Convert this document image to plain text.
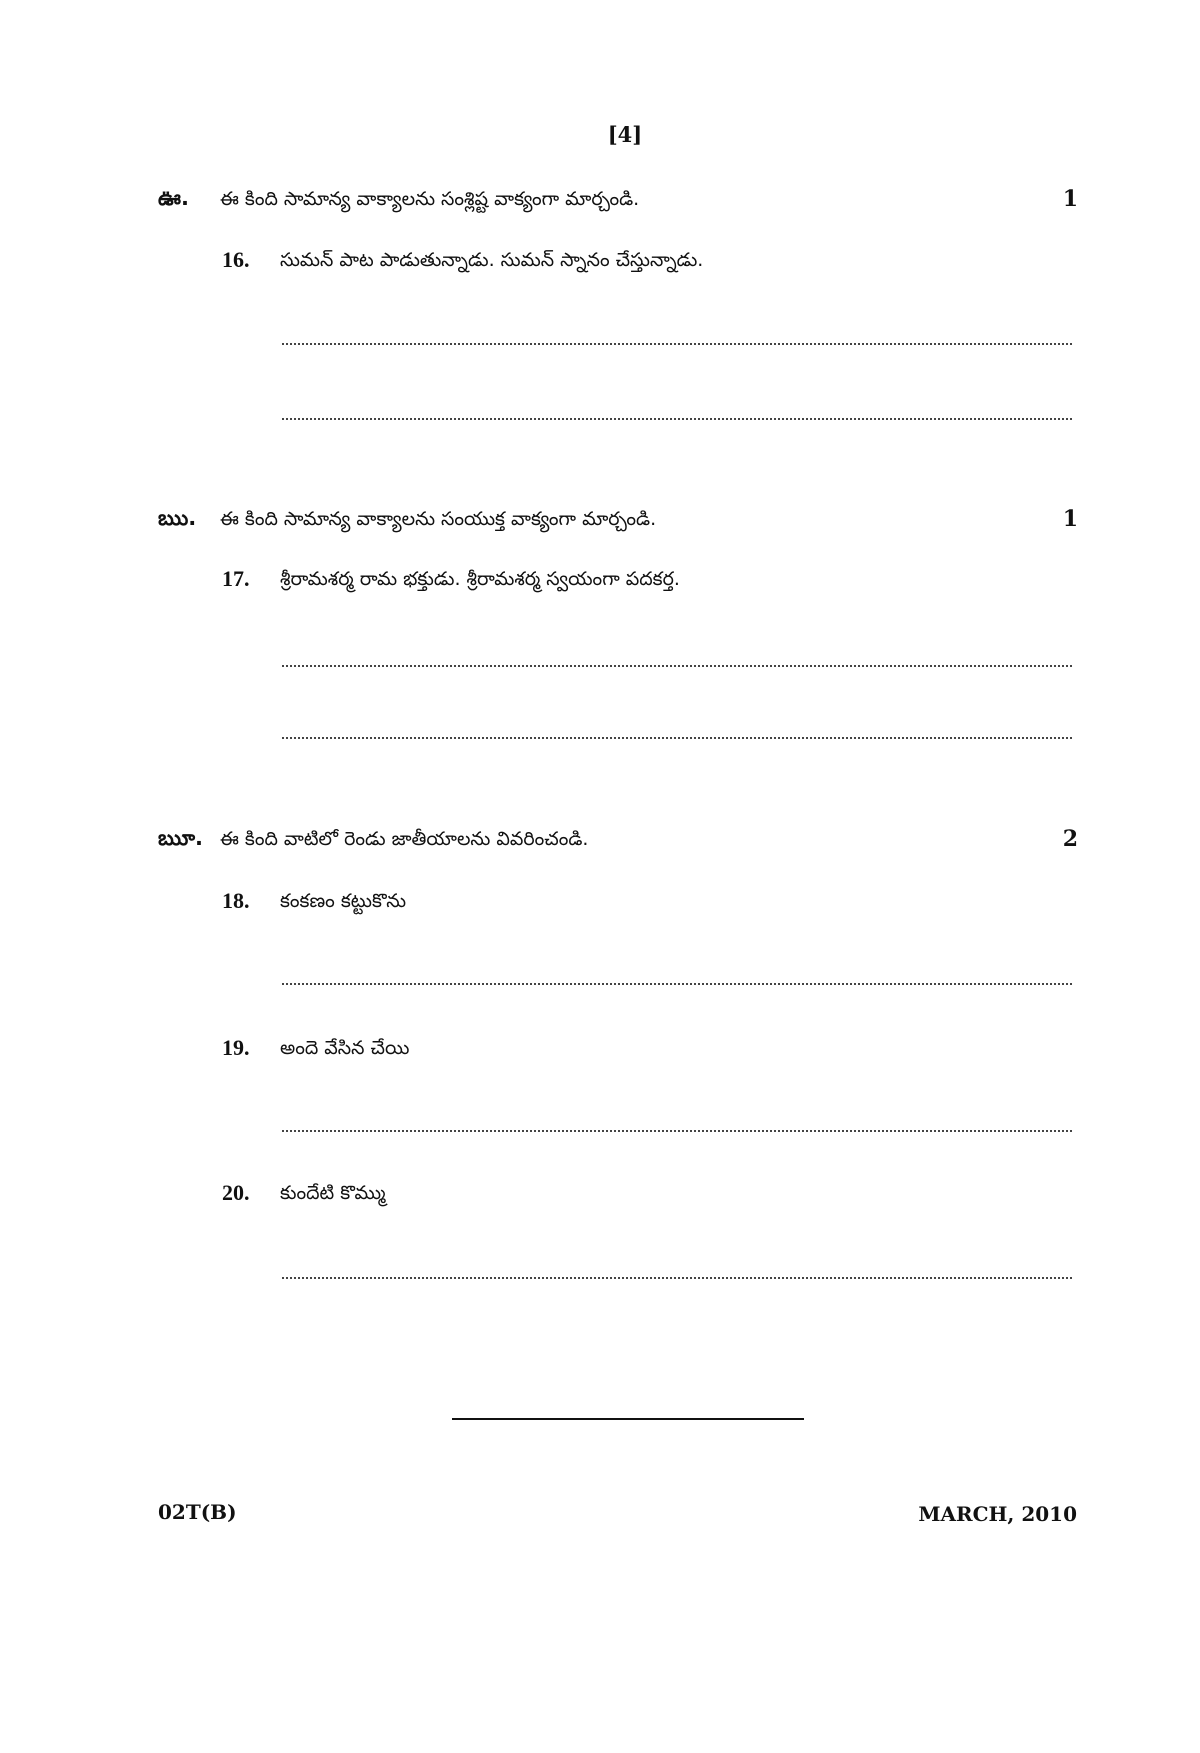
[4]
ఊ. ఈ కింది సామాన్య వాక్యాలను సంశ్లిష్ట వాక్యంగా మార్చండి.	1
16. సుమన్ పాట పాడుతున్నాడు. సుమన్ స్నానం చేస్తున్నాడు.
ఋ. ఈ కింది సామాన్య వాక్యాలను సంయుక్త వాక్యంగా మార్చండి.	1
17. శ్రీరామశర్మ రామ భక్తుడు. శ్రీరామశర్మ స్వయంగా పదకర్త.
ౠ. ఈ కింది వాటిలో రెండు జాతీయాలను వివరించండి.	2
18. కంకణం కట్టుకొను
19. అందె వేసిన చేయి
20. కుందేటి కొమ్ము
02T(B)	MARCH, 2010
